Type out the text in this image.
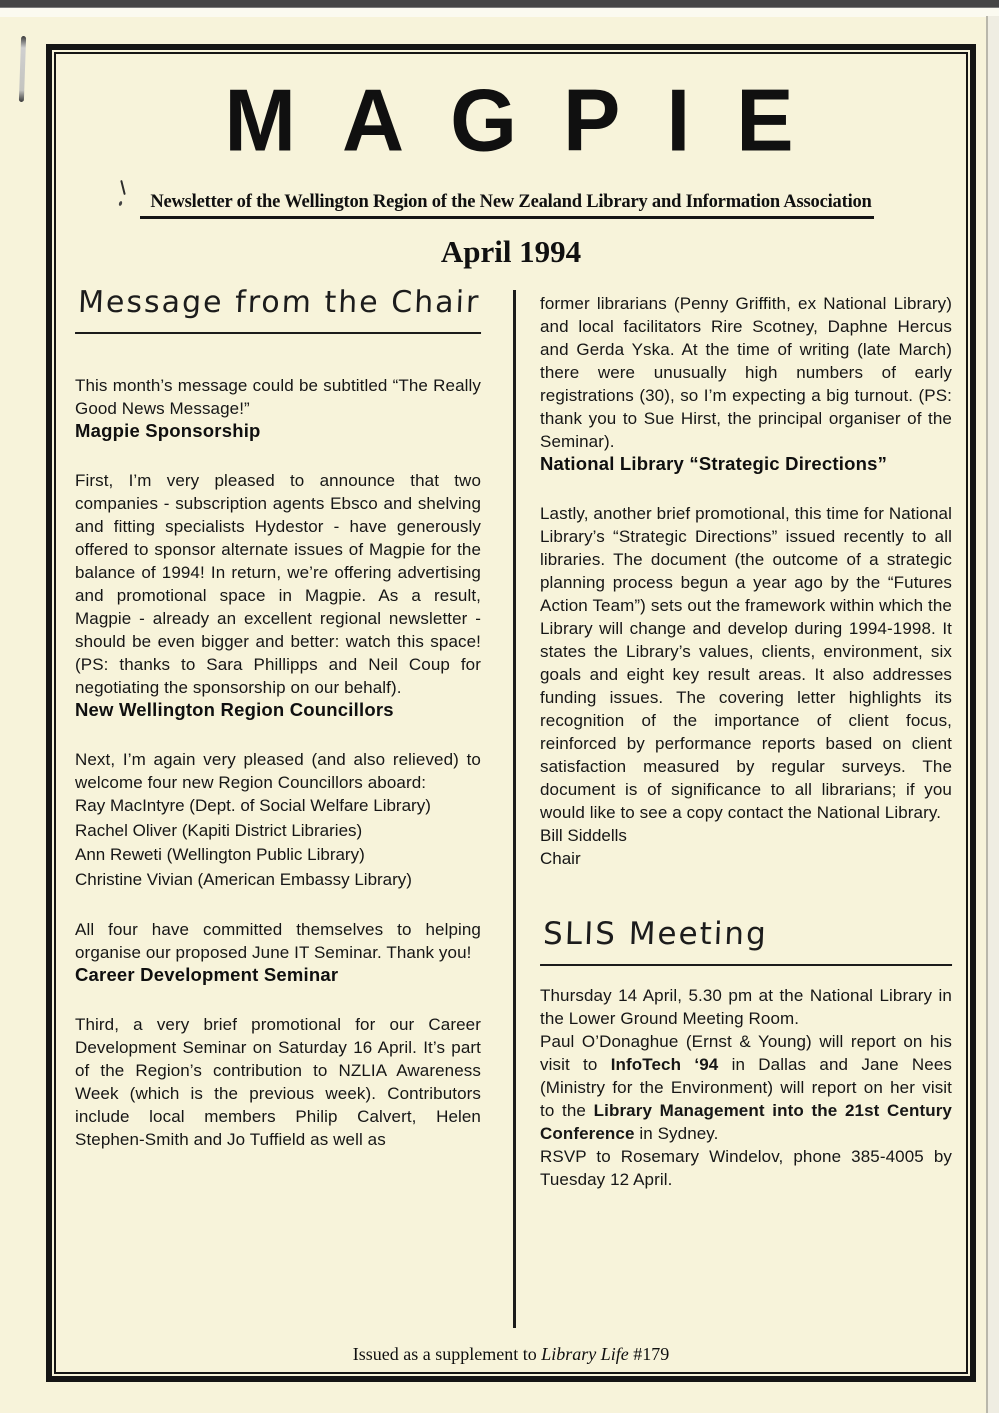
MAGPIE
Newsletter of the Wellington Region of the New Zealand Library and Information Association
April 1994
Message from the Chair

This month’s message could be subtitled “The Really Good News Message!”

Magpie Sponsorship

First, I’m very pleased to announce that two companies - subscription agents Ebsco and shelving and fitting specialists Hydestor - have generously offered to sponsor alternate issues of Magpie for the balance of 1994! In return, we’re offering advertising and promotional space in Magpie. As a result, Magpie - already an excellent regional newsletter - should be even bigger and better: watch this space! (PS: thanks to Sara Phillipps and Neil Coup for negotiating the sponsorship on our behalf).

New Wellington Region Councillors

Next, I’m again very pleased (and also relieved) to welcome four new Region Councillors aboard:

Ray MacIntyre (Dept. of Social Welfare Library)
Rachel Oliver (Kapiti District Libraries)
Ann Reweti (Wellington Public Library)
Christine Vivian (American Embassy Library)

All four have committed themselves to helping organise our proposed June IT Seminar. Thank you!

Career Development Seminar

Third, a very brief promotional for our Career Development Seminar on Saturday 16 April. It’s part of the Region’s contribution to NZLIA Awareness Week (which is the previous week). Contributors include local members Philip Calvert, Helen Stephen-Smith and Jo Tuffield as well as

former librarians (Penny Griffith, ex National Library) and local facilitators Rire Scotney, Daphne Hercus and Gerda Yska. At the time of writing (late March) there were unusually high numbers of early registrations (30), so I’m expecting a big turnout. (PS: thank you to Sue Hirst, the principal organiser of the Seminar).

National Library “Strategic Directions”

Lastly, another brief promotional, this time for National Library’s “Strategic Directions” issued recently to all libraries. The document (the outcome of a strategic planning process begun a year ago by the “Futures Action Team”) sets out the framework within which the Library will change and develop during 1994-1998. It states the Library’s values, clients, environment, six goals and eight key result areas. It also addresses funding issues. The covering letter highlights its recognition of the importance of client focus, reinforced by performance reports based on client satisfaction measured by regular surveys. The document is of significance to all librarians; if you would like to see a copy contact the National Library.

Bill Siddells
Chair
SLIS Meeting

Thursday 14 April, 5.30 pm at the National Library in the Lower Ground Meeting Room.

Paul O’Donaghue (Ernst & Young) will report on his visit to InfoTech ‘94 in Dallas and Jane Nees (Ministry for the Environment) will report on her visit to the Library Management into the 21st Century Conference in Sydney.

RSVP to Rosemary Windelov, phone 385-4005 by Tuesday 12 April.

Issued as a supplement to Library Life #179
